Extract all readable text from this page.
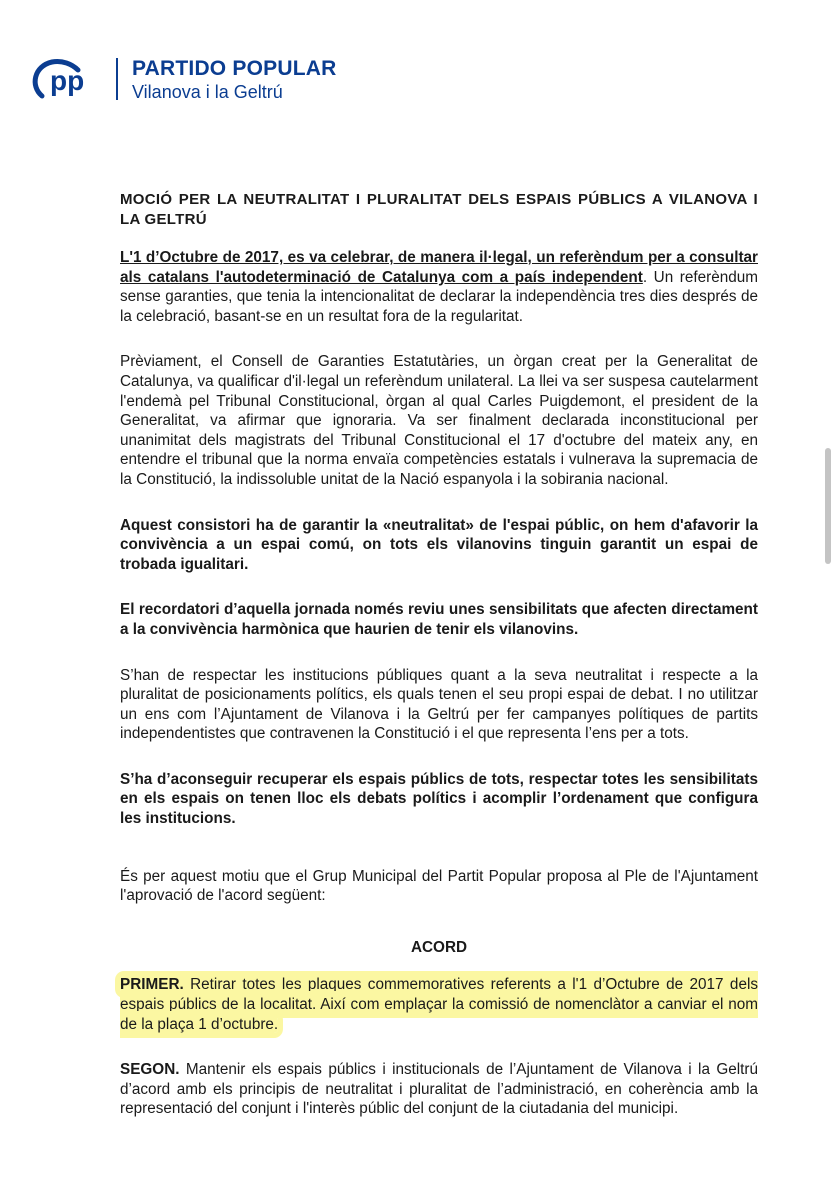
pp PARTIDO POPULAR
Vilanova i la Geltrú

MOCIÓ PER LA NEUTRALITAT I PLURALITAT DELS ESPAIS PÚBLICS A VILANOVA I LA GELTRÚ

L'1 d’Octubre de 2017, es va celebrar, de manera il·legal, un referèndum per a consultar als catalans l'autodeterminació de Catalunya com a país independent. Un referèndum sense garanties, que tenia la intencionalitat de declarar la independència tres dies després de la celebració, basant-se en un resultat fora de la regularitat.

Prèviament, el Consell de Garanties Estatutàries, un òrgan creat per la Generalitat de Catalunya, va qualificar d'il·legal un referèndum unilateral. La llei va ser suspesa cautelarment l'endemà pel Tribunal Constitucional, òrgan al qual Carles Puigdemont, el president de la Generalitat, va afirmar que ignoraria. Va ser finalment declarada inconstitucional per unanimitat dels magistrats del Tribunal Constitucional el 17 d'octubre del mateix any, en entendre el tribunal que la norma envaïa competències estatals i vulnerava la supremacia de la Constitució, la indissoluble unitat de la Nació espanyola i la sobirania nacional.

Aquest consistori ha de garantir la «neutralitat» de l'espai públic, on hem d'afavorir la convivència a un espai comú, on tots els vilanovins tinguin garantit un espai de trobada igualitari.

El recordatori d’aquella jornada només reviu unes sensibilitats que afecten directament a la convivència harmònica que haurien de tenir els vilanovins.

S’han de respectar les institucions públiques quant a la seva neutralitat i respecte a la pluralitat de posicionaments polítics, els quals tenen el seu propi espai de debat. I no utilitzar un ens com l’Ajuntament de Vilanova i la Geltrú per fer campanyes polítiques de partits independentistes que contravenen la Constitució i el que representa l’ens per a tots.

S’ha d’aconseguir recuperar els espais públics de tots, respectar totes les sensibilitats en els espais on tenen lloc els debats polítics i acomplir l’ordenament que configura les institucions.

És per aquest motiu que el Grup Municipal del Partit Popular proposa al Ple de l'Ajuntament l'aprovació de l'acord següent:

ACORD

PRIMER. Retirar totes les plaques commemoratives referents a l'1 d’Octubre de 2017 dels espais públics de la localitat. Així com emplaçar la comissió de nomenclàtor a canviar el nom de la plaça 1 d’octubre.

SEGON. Mantenir els espais públics i institucionals de l’Ajuntament de Vilanova i la Geltrú d’acord amb els principis de neutralitat i pluralitat de l’administració, en coherència amb la representació del conjunt i l'interès públic del conjunt de la ciutadania del municipi.
